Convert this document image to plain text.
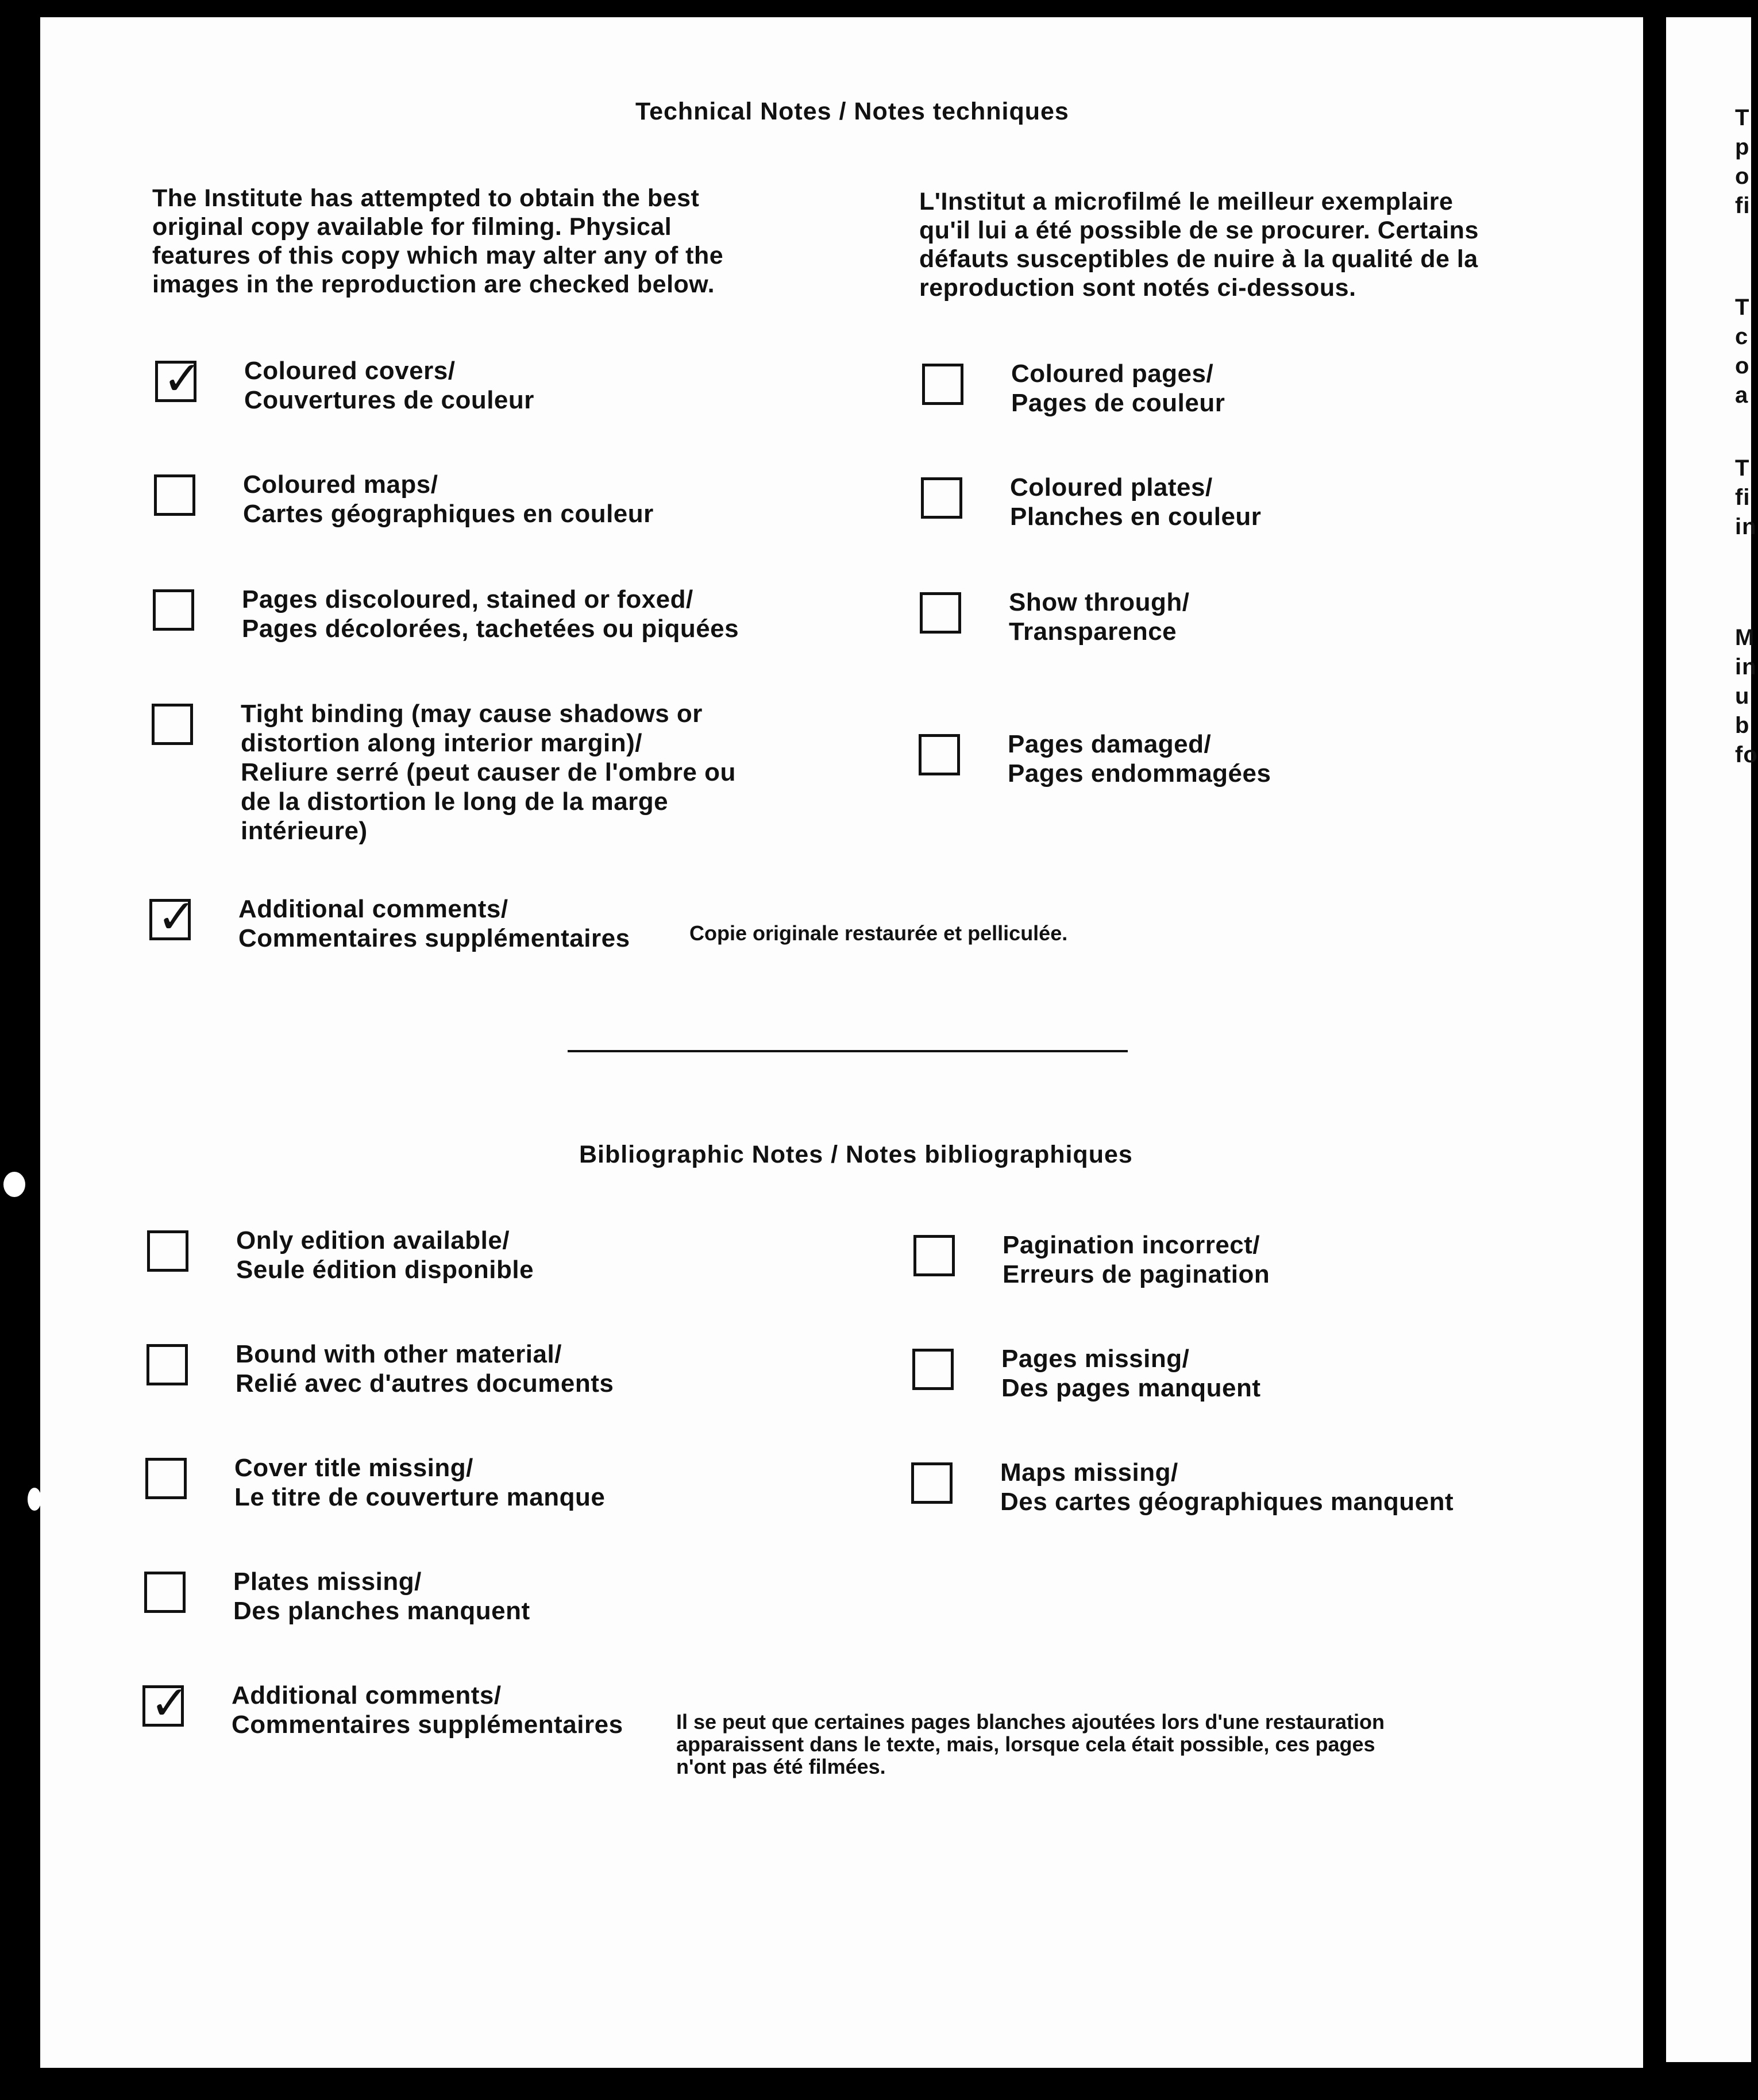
Technical Notes / Notes techniques
The Institute has attempted to obtain the best
original copy available for filming. Physical
features of this copy which may alter any of the
images in the reproduction are checked below.
L'Institut a microfilmé le meilleur exemplaire
qu'il lui a été possible de se procurer. Certains
défauts susceptibles de nuire à la qualité de la
reproduction sont notés ci-dessous.
✓ Coloured covers/
Couvertures de couleur
Coloured pages/
Pages de couleur
Coloured maps/
Cartes géographiques en couleur
Coloured plates/
Planches en couleur
Pages discoloured, stained or foxed/
Pages décolorées, tachetées ou piquées
Show through/
Transparence
Tight binding (may cause shadows or
distortion along interior margin)/
Reliure serré (peut causer de l'ombre ou
de la distortion le long de la marge
intérieure)
Pages damaged/
Pages endommagées
✓ Additional comments/
Commentaires supplémentaires	Copie originale restaurée et pelliculée.
Bibliographic Notes / Notes bibliographiques
Only edition available/
Seule édition disponible
Pagination incorrect/
Erreurs de pagination
Bound with other material/
Relié avec d'autres documents
Pages missing/
Des pages manquent
Cover title missing/
Le titre de couverture manque
Maps missing/
Des cartes géographiques manquent
Plates missing/
Des planches manquent
✓ Additional comments/
Commentaires supplémentaires	Il se peut que certaines pages blanches ajoutées lors d'une restauration
apparaissent dans le texte, mais, lorsque cela était possible, ces pages
n'ont pas été filmées.
T
p
o
fi
T
c
o
a
T
fi
in
M
in
u
b
fo
